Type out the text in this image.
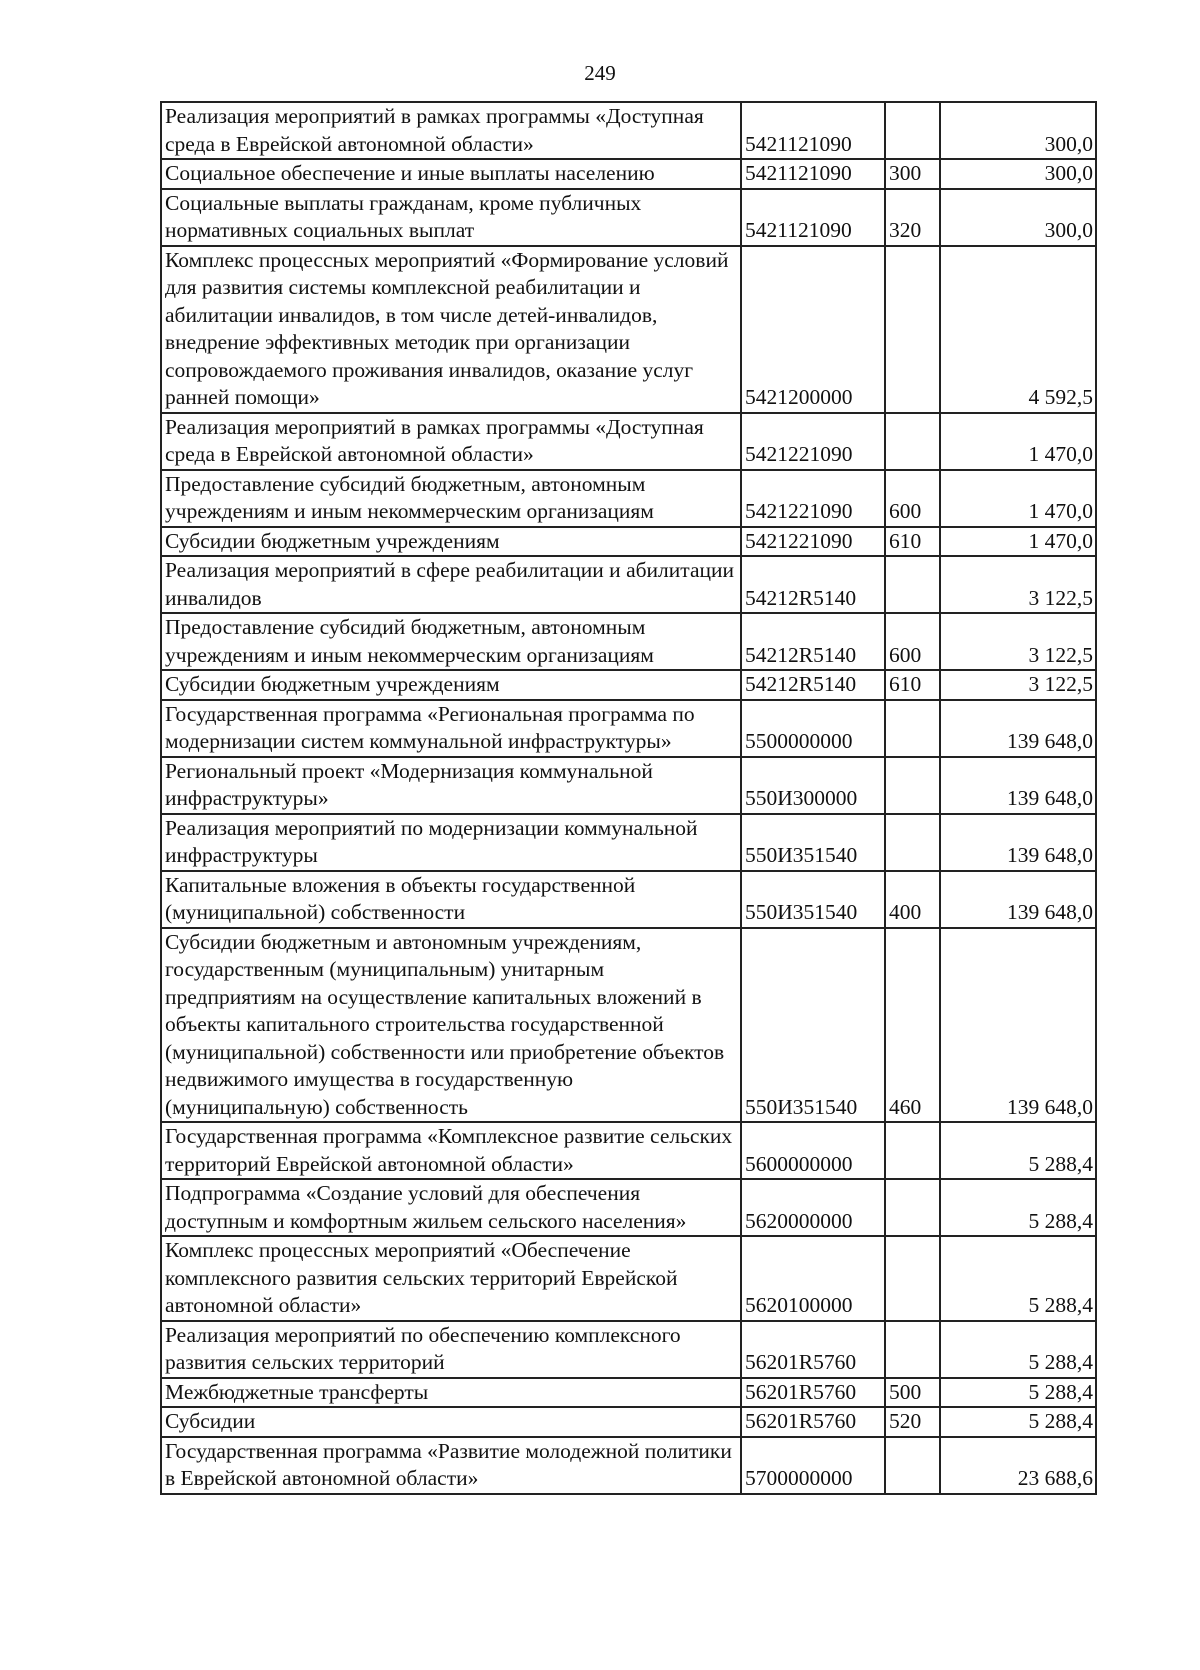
249
Реализация мероприятий в рамках программы «Доступная среда в Еврейской автономной области»	5421121090		300,0
Социальное обеспечение и иные выплаты населению	5421121090	300	300,0
Социальные выплаты гражданам, кроме публичных нормативных социальных выплат	5421121090	320	300,0
Комплекс процессных мероприятий «Формирование условий для развития системы комплексной реабилитации и абилитации инвалидов, в том числе детей-инвалидов, внедрение эффективных методик при организации сопровождаемого проживания инвалидов, оказание услуг ранней помощи»	5421200000		4 592,5
Реализация мероприятий в рамках программы «Доступная среда в Еврейской автономной области»	5421221090		1 470,0
Предоставление субсидий бюджетным, автономным учреждениям и иным некоммерческим организациям	5421221090	600	1 470,0
Субсидии бюджетным учреждениям	5421221090	610	1 470,0
Реализация мероприятий в сфере реабилитации и абилитации инвалидов	54212R5140		3 122,5
Предоставление субсидий бюджетным, автономным учреждениям и иным некоммерческим организациям	54212R5140	600	3 122,5
Субсидии бюджетным учреждениям	54212R5140	610	3 122,5
Государственная программа «Региональная программа по модернизации систем коммунальной инфраструктуры»	5500000000		139 648,0
Региональный проект «Модернизация коммунальной инфраструктуры»	550И300000		139 648,0
Реализация мероприятий по модернизации коммунальной инфраструктуры	550И351540		139 648,0
Капитальные вложения в объекты государственной (муниципальной) собственности	550И351540	400	139 648,0
Субсидии бюджетным и автономным учреждениям, государственным (муниципальным) унитарным предприятиям на осуществление капитальных вложений в объекты капитального строительства государственной (муниципальной) собственности или приобретение объектов недвижимого имущества в государственную (муниципальную) собственность	550И351540	460	139 648,0
Государственная программа «Комплексное развитие сельских территорий Еврейской автономной области»	5600000000		5 288,4
Подпрограмма «Создание условий для обеспечения доступным и комфортным жильем сельского населения»	5620000000		5 288,4
Комплекс процессных мероприятий «Обеспечение комплексного развития сельских территорий Еврейской автономной области»	5620100000		5 288,4
Реализация мероприятий по обеспечению комплексного развития сельских территорий	56201R5760		5 288,4
Межбюджетные трансферты	56201R5760	500	5 288,4
Субсидии	56201R5760	520	5 288,4
Государственная программа «Развитие молодежной политики в Еврейской автономной области»	5700000000		23 688,6
